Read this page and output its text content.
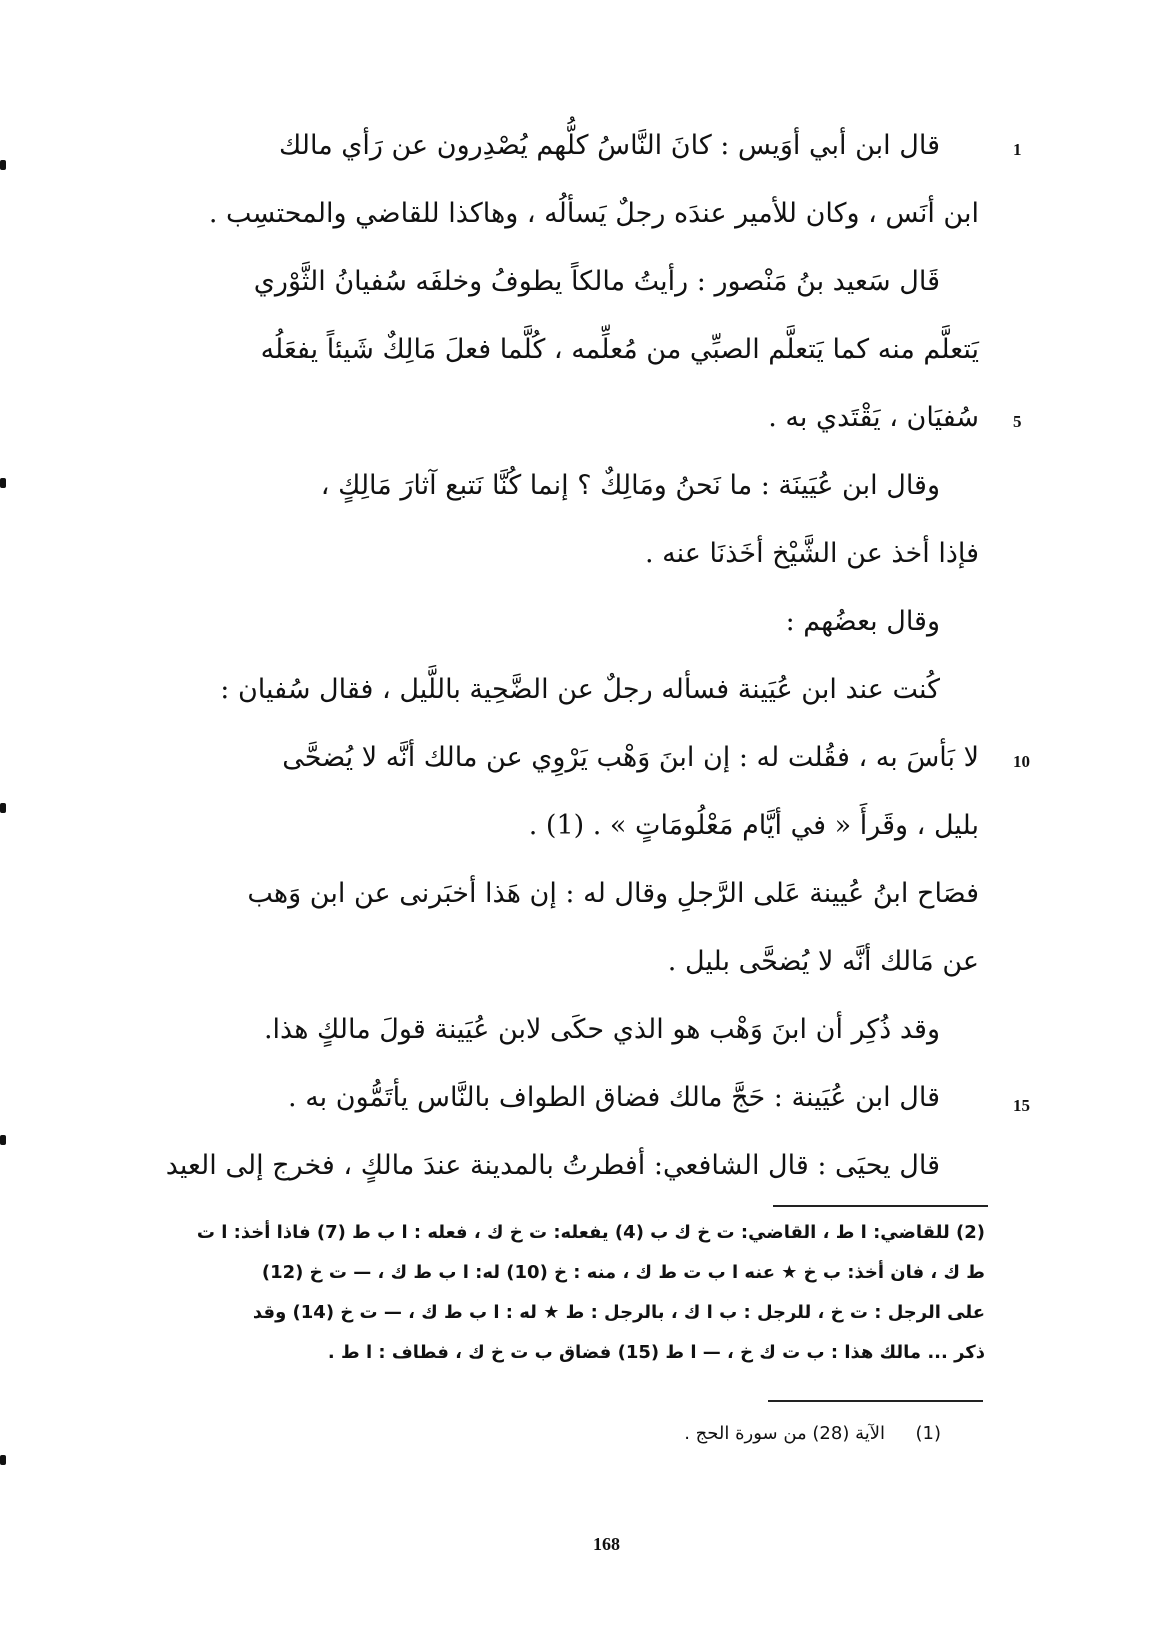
قال ابن أبي أوَيس : كانَ النَّاسُ كلُّهم يُصْدِرون عن رَأي مالك
ابن أنَس ، وكان للأمير عندَه رجلٌ يَسألُه ، وهاكذا للقاضي والمحتسِب .
قَال سَعيد بنُ مَنْصور : رأيتُ مالكاً يطوفُ وخلفَه سُفيانُ الثَّوْري
يَتعلَّم منه كما يَتعلَّم الصبِّي من مُعلِّمه ، كُلَّما فعلَ مَالِكٌ شَيئاً يفعَلُه
سُفيَان ، يَقْتَدي به .
وقال ابن عُيَينَة : ما نَحنُ ومَالِكٌ ؟ إنما كُنَّا نَتبع آثارَ مَالِكٍ ،
فإذا أخذ عن الشَّيْخ أخَذنَا عنه .
وقال بعضُهم :
كُنت عند ابن عُيَينة فسأله رجلٌ عن الضَّحِية باللَّيل ، فقال سُفيان :
لا بَأسَ به ، فقُلت له : إن ابنَ وَهْب يَرْوِي عن مالك أنَّه لا يُضحَّى
بليل ، وقَرأَ « في أيَّام مَعْلُومَاتٍ » . (1) .
فصَاح ابنُ عُيينة عَلى الرَّجلِ وقال له : إن هَذا أخبَرنى عن ابن وَهب
عن مَالك أنَّه لا يُضحَّى بليل .
وقد ذُكِر أن ابنَ وَهْب هو الذي حكَى لابن عُيَينة قولَ مالكٍ هذا.
قال ابن عُيَينة : حَجَّ مالك فضاق الطواف بالنَّاس يأتَمُّون به .
قال يحيَى : قال الشافعي: أفطرتُ بالمدينة عندَ مالكٍ ، فخرج إلى العيد
1
5
10
15
(2) للقاضي: ا ط ، القاضي: ت خ ك ب (4) يفعله: ت خ ك ، فعله : ا ب ط (7) فاذا أخذ: ا ت
ط ك ، فان أخذ: ب خ ★ عنه ا ب ت ط ك ، منه : خ (10) له: ا ب ط ك ، — ت خ (12)
على الرجل : ت خ ، للرجل : ب ا ك ، بالرجل : ط ★ له : ا ب ط ك ، — ت خ (14) وقد
ذكر ... مالك هذا : ب ت ك خ ، — ا ط (15) فضاق ب ت خ ك ، فطاف : ا ط .
(1)
الآية (28) من سورة الحج .
168
